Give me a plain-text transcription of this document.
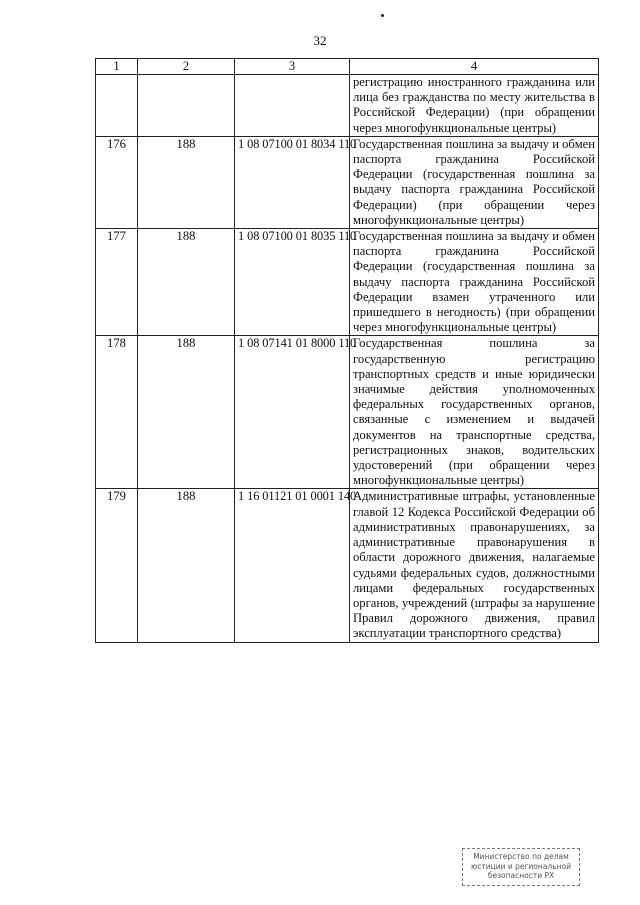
32
1	2	3	4
			регистрацию иностранного гражданина или лица без гражданства по месту жительства в Российской Федерации) (при обращении через многофункциональные центры)
176	188	1 08 07100 01 8034 110	Государственная пошлина за выдачу и обмен паспорта гражданина Российской Федерации (государственная пошлина за выдачу паспорта гражданина Российской Федерации) (при обращении через многофункциональные центры)
177	188	1 08 07100 01 8035 110	Государственная пошлина за выдачу и обмен паспорта гражданина Российской Федерации (государственная пошлина за выдачу паспорта гражданина Российской Федерации взамен утраченного или пришедшего в негодность) (при обращении через многофункциональные центры)
178	188	1 08 07141 01 8000 110	Государственная пошлина за государственную регистрацию транспортных средств и иные юридически значимые действия уполномоченных федеральных государственных органов, связанные с изменением и выдачей документов на транспортные средства, регистрационных знаков, водительских удостоверений (при обращении через многофункциональные центры)
179	188	1 16 01121 01 0001 140	Административные штрафы, установленные главой 12 Кодекса Российской Федерации об административных правонарушениях, за административные правонарушения в области дорожного движения, налагаемые судьями федеральных судов, должностными лицами федеральных государственных органов, учреждений (штрафы за нарушение Правил дорожного движения, правил эксплуатации транспортного средства)
Министерство по делам
юстиции и региональной
безопасности РХ
